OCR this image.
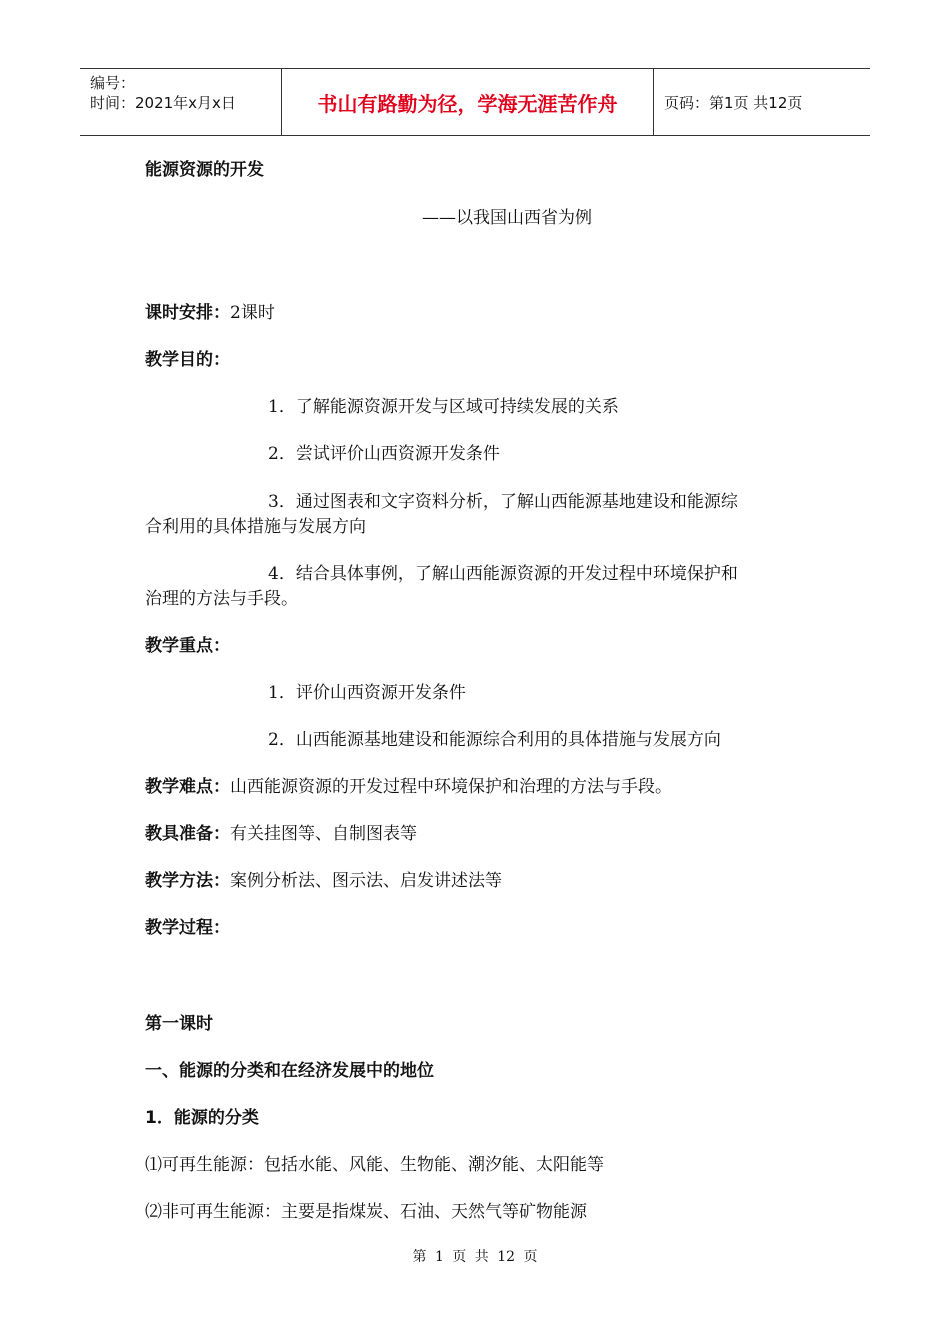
编号：
时间：2021年x月x日	书山有路勤为径，学海无涯苦作舟	页码：第1页 共12页
能源资源的开发
——以我国山西省为例
课时安排：2课时
教学目的：
1．了解能源资源开发与区域可持续发展的关系
2．尝试评价山西资源开发条件
3．通过图表和文字资料分析，了解山西能源基地建设和能源综
合利用的具体措施与发展方向
4．结合具体事例，了解山西能源资源的开发过程中环境保护和
治理的方法与手段。
教学重点：
1．评价山西资源开发条件
2．山西能源基地建设和能源综合利用的具体措施与发展方向
教学难点：山西能源资源的开发过程中环境保护和治理的方法与手段。
教具准备：有关挂图等、自制图表等
教学方法：案例分析法、图示法、启发讲述法等
教学过程：
第一课时
一、能源的分类和在经济发展中的地位
1．能源的分类
⑴可再生能源：包括水能、风能、生物能、潮汐能、太阳能等
⑵非可再生能源：主要是指煤炭、石油、天然气等矿物能源
第 1 页 共 12 页
